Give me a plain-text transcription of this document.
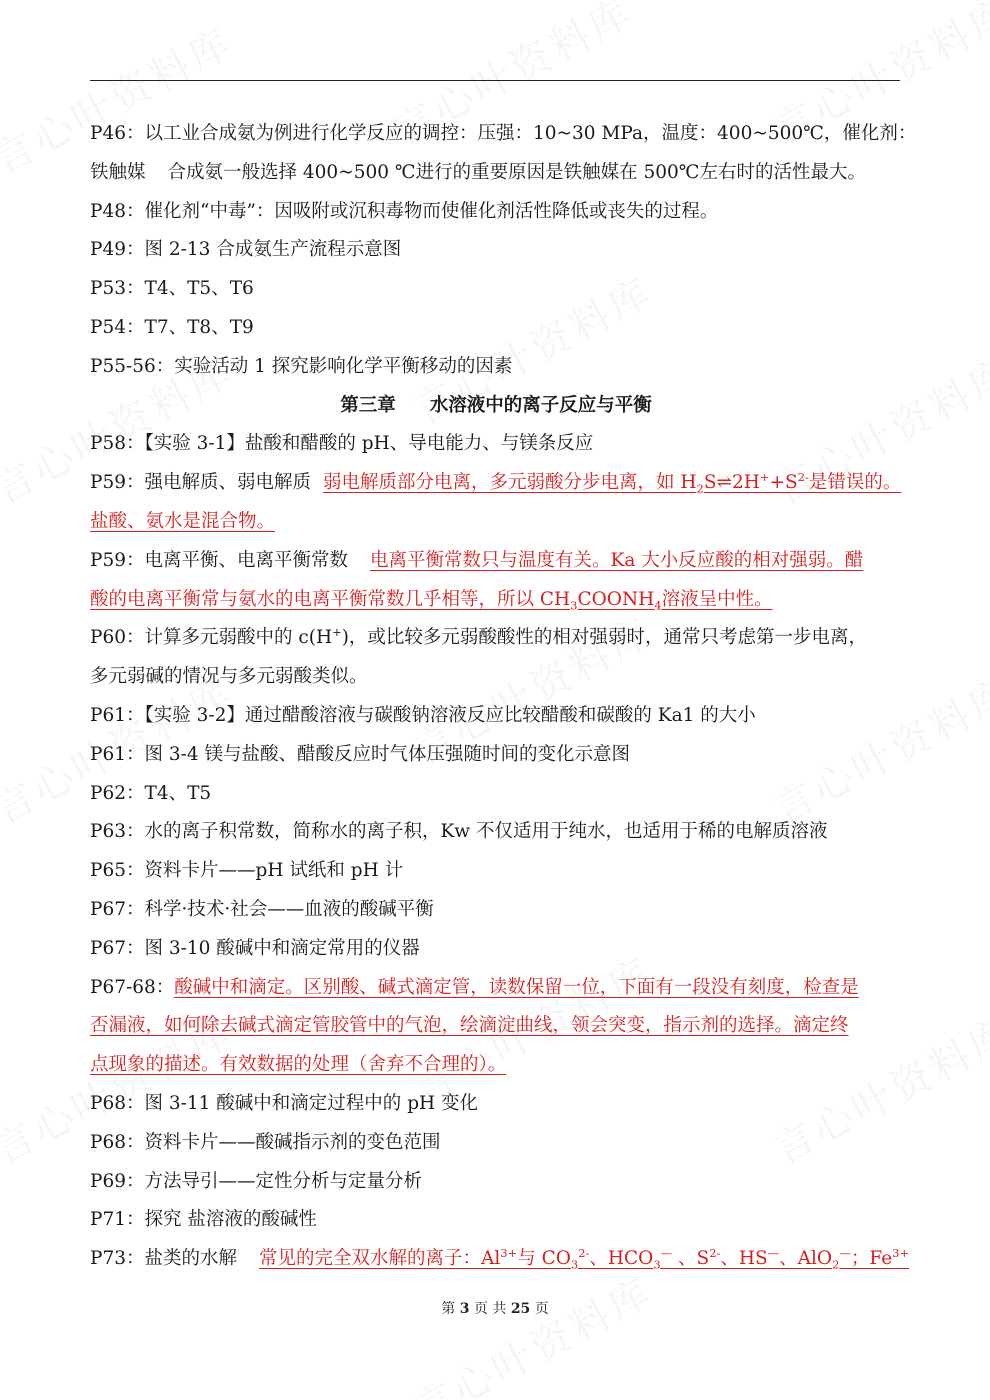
P46：以工业合成氨为例进行化学反应的调控：压强：10~30 MPa，温度：400~500℃，催化剂：
铁触媒 合成氨一般选择 400~500 ℃进行的重要原因是铁触媒在 500℃左右时的活性最大。
P48：催化剂“中毒”：因吸附或沉积毒物而使催化剂活性降低或丧失的过程。
P49：图 2-13 合成氨生产流程示意图
P53：T4、T5、T6
P54：T7、T8、T9
P55-56：实验活动 1 探究影响化学平衡移动的因素
第三章 水溶液中的离子反应与平衡
P58：【实验 3-1】盐酸和醋酸的 pH、导电能力、与镁条反应
P59：强电解质、弱电解质 弱电解质部分电离，多元弱酸分步电离，如 $H_2S\rightleftharpoons 2H^++S^{2-}$是错误的。
盐酸、氨水是混合物。
P59：电离平衡、电离平衡常数 电离平衡常数只与温度有关。Ka 大小反应酸的相对强弱。醋
酸的电离平衡常与氨水的电离平衡常数几乎相等，所以 $CH_3COONH_4$溶液呈中性。
P60：计算多元弱酸中的 c(H+)，或比较多元弱酸酸性的相对强弱时，通常只考虑第一步电离，
多元弱碱的情况与多元弱酸类似。
P61：【实验 3-2】通过醋酸溶液与碳酸钠溶液反应比较醋酸和碳酸的 Ka1 的大小
P61：图 3-4 镁与盐酸、醋酸反应时气体压强随时间的变化示意图
P62：T4、T5
P63：水的离子积常数，简称水的离子积，Kw 不仅适用于纯水，也适用于稀的电解质溶液
P65：资料卡片——pH 试纸和 pH 计
P67：科学·技术·社会——血液的酸碱平衡
P67：图 3-10 酸碱中和滴定常用的仪器
P67-68：酸碱中和滴定。区别酸、碱式滴定管，读数保留一位，下面有一段没有刻度，检查是
否漏液，如何除去碱式滴定管胶管中的气泡，绘滴淀曲线，领会突变，指示剂的选择。滴定终
点现象的描述。有效数据的处理（舍弃不合理的）。
P68：图 3-11 酸碱中和滴定过程中的 pH 变化
P68：资料卡片——酸碱指示剂的变色范围
P69：方法导引——定性分析与定量分析
P71：探究 盐溶液的酸碱性
P73：盐类的水解 常见的完全双水解的离子：$Al^{3+}$与 $CO_3^{2-}$、$HCO_3^—$ 、$S^{2-}$、HS—、AlO$_2$—；$Fe^{3+}$
第 3 页 共 25 页
